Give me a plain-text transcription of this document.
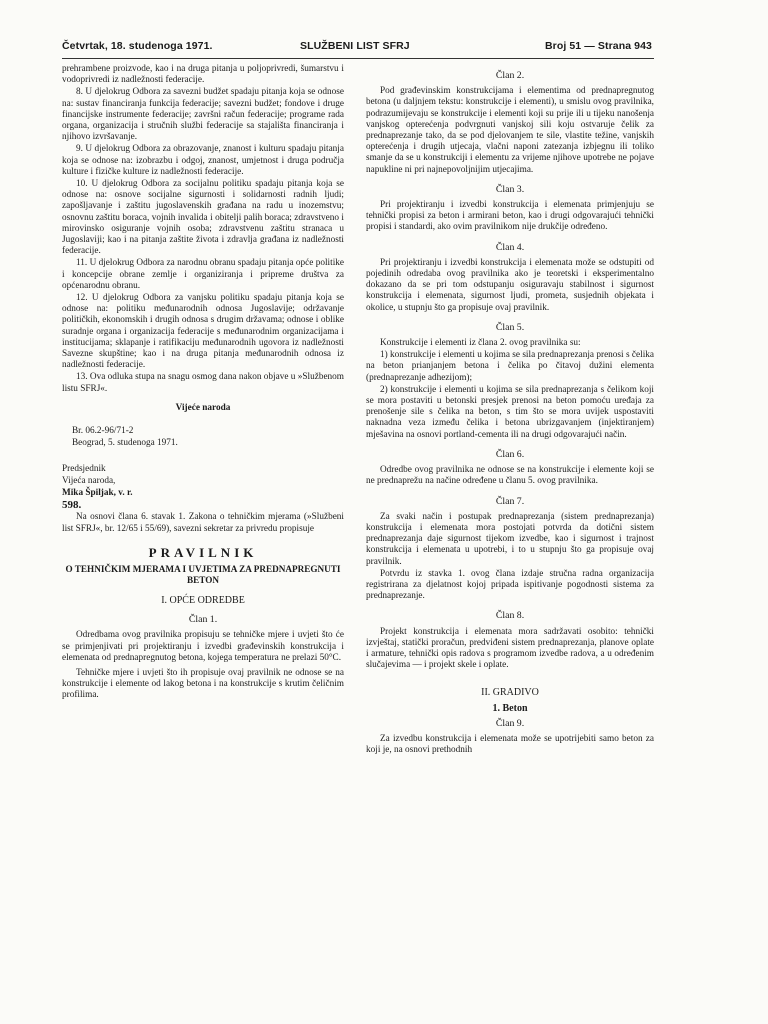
Četvrtak, 18. studenoga 1971.	SLUŽBENI LIST SFRJ	Broj 51 — Strana 943

prehrambene proizvode, kao i na druga pitanja u poljoprivredi, šumarstvu i vodoprivredi iz nadležnosti federacije.

8. U djelokrug Odbora za savezni budžet spadaju pitanja koja se odnose na: sustav financiranja funkcija federacije; savezni budžet; fondove i druge financijske instrumente federacije; završni račun federacije; programe rada organa, organizacija i stručnih službi federacije sa stajališta financiranja i njihovo izvršavanje.

9. U djelokrug Odbora za obrazovanje, znanost i kulturu spadaju pitanja koja se odnose na: izobrazbu i odgoj, znanost, umjetnost i druga područja kulture i fizičke kulture iz nadležnosti federacije.

10. U djelokrug Odbora za socijalnu politiku spadaju pitanja koja se odnose na: osnove socijalne sigurnosti i solidarnosti radnih ljudi; zapošljavanje i zaštitu jugoslavenskih građana na radu u inozemstvu; osnovnu zaštitu boraca, vojnih invalida i obitelji palih boraca; zdravstveno i mirovinsko osiguranje vojnih osoba; zdravstvenu zaštitu stranaca u Jugoslaviji; kao i na pitanja zaštite života i zdravlja građana iz nadležnosti federacije.

11. U djelokrug Odbora za narodnu obranu spadaju pitanja opće politike i koncepcije obrane zemlje i organiziranja i pripreme društva za općenarodnu obranu.

12. U djelokrug Odbora za vanjsku politiku spadaju pitanja koja se odnose na: politiku međunarodnih odnosa Jugoslavije; održavanje političkih, ekonomskih i drugih odnosa s drugim državama; odnose i oblike suradnje organa i organizacija federacije s međunarodnim organizacijama i institucijama; sklapanje i ratifikaciju međunarodnih ugovora iz nadležnosti Savezne skupštine; kao i na druga pitanja međunarodnih odnosa iz nadležnosti federacije.

13. Ova odluka stupa na snagu osmog dana nakon objave u »Službenom listu SFRJ«.

Vijeće naroda

Br. 06.2-96/71-2

Beograd, 5. studenoga 1971.

Predsjednik

Vijeća naroda,

Mika Špiljak, v. r.

598.

Na osnovi člana 6. stavak 1. Zakona o tehničkim mjerama (»Službeni list SFRJ«, br. 12/65 i 55/69), savezni sekretar za privredu propisuje

PRAVILNIK
O TEHNIČKIM MJERAMA I UVJETIMA ZA PREDNAPREGNUTI BETON
I. OPĆE ODREDBE

Član 1.

Odredbama ovog pravilnika propisuju se tehničke mjere i uvjeti što će se primjenjivati pri projektiranju i izvedbi građevinskih konstrukcija i elemenata od prednapregnutog betona, kojega temperatura ne prelazi 50°C.

Tehničke mjere i uvjeti što ih propisuje ovaj pravilnik ne odnose se na konstrukcije i elemente od lakog betona i na konstrukcije s krutim čeličnim profilima.

Član 2.

Pod građevinskim konstrukcijama i elementima od prednapregnutog betona (u daljnjem tekstu: konstrukcije i elementi), u smislu ovog pravilnika, podrazumijevaju se konstrukcije i elementi koji su prije ili u tijeku nanošenja vanjskog opterećenja podvrgnuti vanjskoj sili koju ostvaruje čelik za prednaprezanje tako, da se pod djelovanjem te sile, vlastite težine, vanjskih opterećenja i drugih utjecaja, vlačni naponi zatezanja izbjegnu ili toliko smanje da se u konstrukciji i elementu za vrijeme njihove upotrebe ne pojave napukline ni pri najnepovoljnijim utjecajima.

Član 3.

Pri projektiranju i izvedbi konstrukcija i elemenata primjenjuju se tehnički propisi za beton i armirani beton, kao i drugi odgovarajući tehnički propisi i standardi, ako ovim pravilnikom nije drukčije određeno.

Član 4.

Pri projektiranju i izvedbi konstrukcija i elemenata može se odstupiti od pojedinih odredaba ovog pravilnika ako je teoretski i eksperimentalno dokazano da se pri tom odstupanju osiguravaju stabilnost i sigurnost konstrukcija i elemenata, sigurnost ljudi, prometa, susjednih objekata i okolice, u stupnju što ga propisuje ovaj pravilnik.

Član 5.

Konstrukcije i elementi iz člana 2. ovog pravilnika su:

1) konstrukcije i elementi u kojima se sila prednaprezanja prenosi s čelika na beton prianjanjem betona i čelika po čitavoj dužini elementa (prednaprezanje adhezijom);

2) konstrukcije i elementi u kojima se sila prednaprezanja s čelikom koji se mora postaviti u betonski presjek prenosi na beton pomoću uređaja za prenošenje sile s čelika na beton, s tim što se mora uvijek uspostaviti naknadna veza između čelika i betona ubrizgavanjem (injektiranjem) mješavina na osnovi portland-cementa ili na drugi odgovarajući način.

Član 6.

Odredbe ovog pravilnika ne odnose se na konstrukcije i elemente koji se ne prednaprežu na načine određene u članu 5. ovog pravilnika.

Član 7.

Za svaki način i postupak prednaprezanja (sistem prednaprezanja) konstrukcija i elemenata mora postojati potvrda da dotični sistem prednaprezanja daje sigurnost tijekom izvedbe, kao i sigurnost i trajnost konstrukcija i elemenata u upotrebi, i to u stupnju što ga propisuje ovaj pravilnik.

Potvrdu iz stavka 1. ovog člana izdaje stručna radna organizacija registrirana za djelatnost kojoj pripada ispitivanje pogodnosti sistema za prednaprezanje.

Član 8.

Projekt konstrukcija i elemenata mora sadržavati osobito: tehnički izvještaj, statički proračun, predviđeni sistem prednaprezanja, planove oplate i armature, tehnički opis radova s programom izvedbe radova, a u određenim slučajevima — i projekt skele i oplate.

II. GRADIVO
1. Beton

Član 9.

Za izvedbu konstrukcija i elemenata može se upotrijebiti samo beton za koji je, na osnovi prethodnih
